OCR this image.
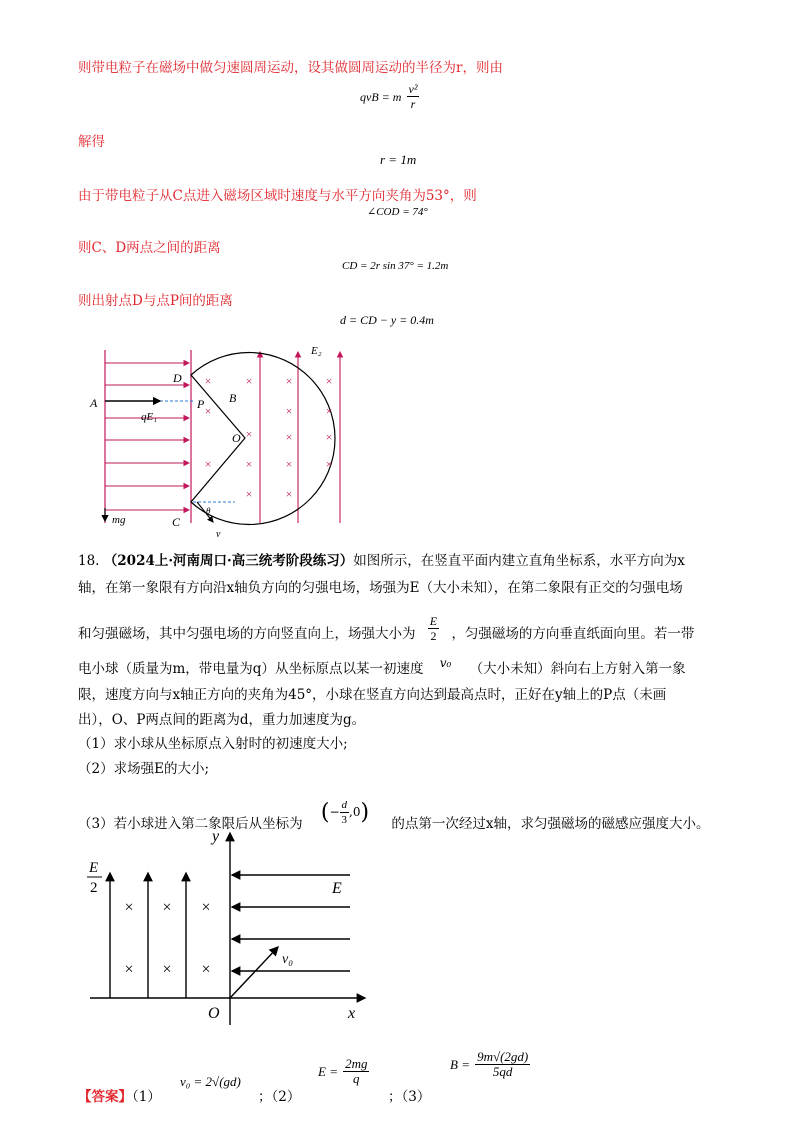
则带电粒子在磁场中做匀速圆周运动，设其做圆周运动的半径为r，则由
qvB = m $\frac{\text{v²}}{r}$
解得
r = 1m
由于带电粒子从C点进入磁场区域时速度与水平方向夹角为53°，则
∠COD = 74°
则C、D两点之间的距离
CD = 2r sin 37° = 1.2m
则出射点D与点P间的距离
d = CD − y = 0.4m
×	×	×	×
×	×	×
×	×	×
×	×	×	×
×	×
D
P
A
qE₁
B
O
C
E₂
mg
v
θ
18. （2024上·河南周口·高三统考阶段练习）如图所示，在竖直平面内建立直角坐标系，水平方向为x
轴，在第一象限有方向沿x轴负方向的匀强电场，场强为E（大小未知），在第二象限有正交的匀强电场
和匀强磁场，其中匀强电场的方向竖直向上，场强大小为 $\frac{E}{2}$ ，匀强磁场的方向垂直纸面向里。若一带
电小球（质量为m，带电量为q）从坐标原点以某一初速度 v₀ （大小未知）斜向右上方射入第一象
限，速度方向与x轴正方向的夹角为45°，小球在竖直方向达到最高点时，正好在y轴上的P点（未画
出），O、P两点间的距离为d，重力加速度为g。
（1）求小球从坐标原点入射时的初速度大小;
（2）求场强E的大小;
（3）若小球进入第二象限后从坐标为 (− $\frac{d}{3} ,0$) 的点第一次经过x轴，求匀强磁场的磁感应强度大小。
× × ×
× × ×
E
2	E
y
x
O
v₀
【答案】（1）
v₀ = 2√(gd)
；（2）
$E = \frac{2mg}{q}$
；（3）
$B = \frac{9m√(2gd)}{5qd}$
